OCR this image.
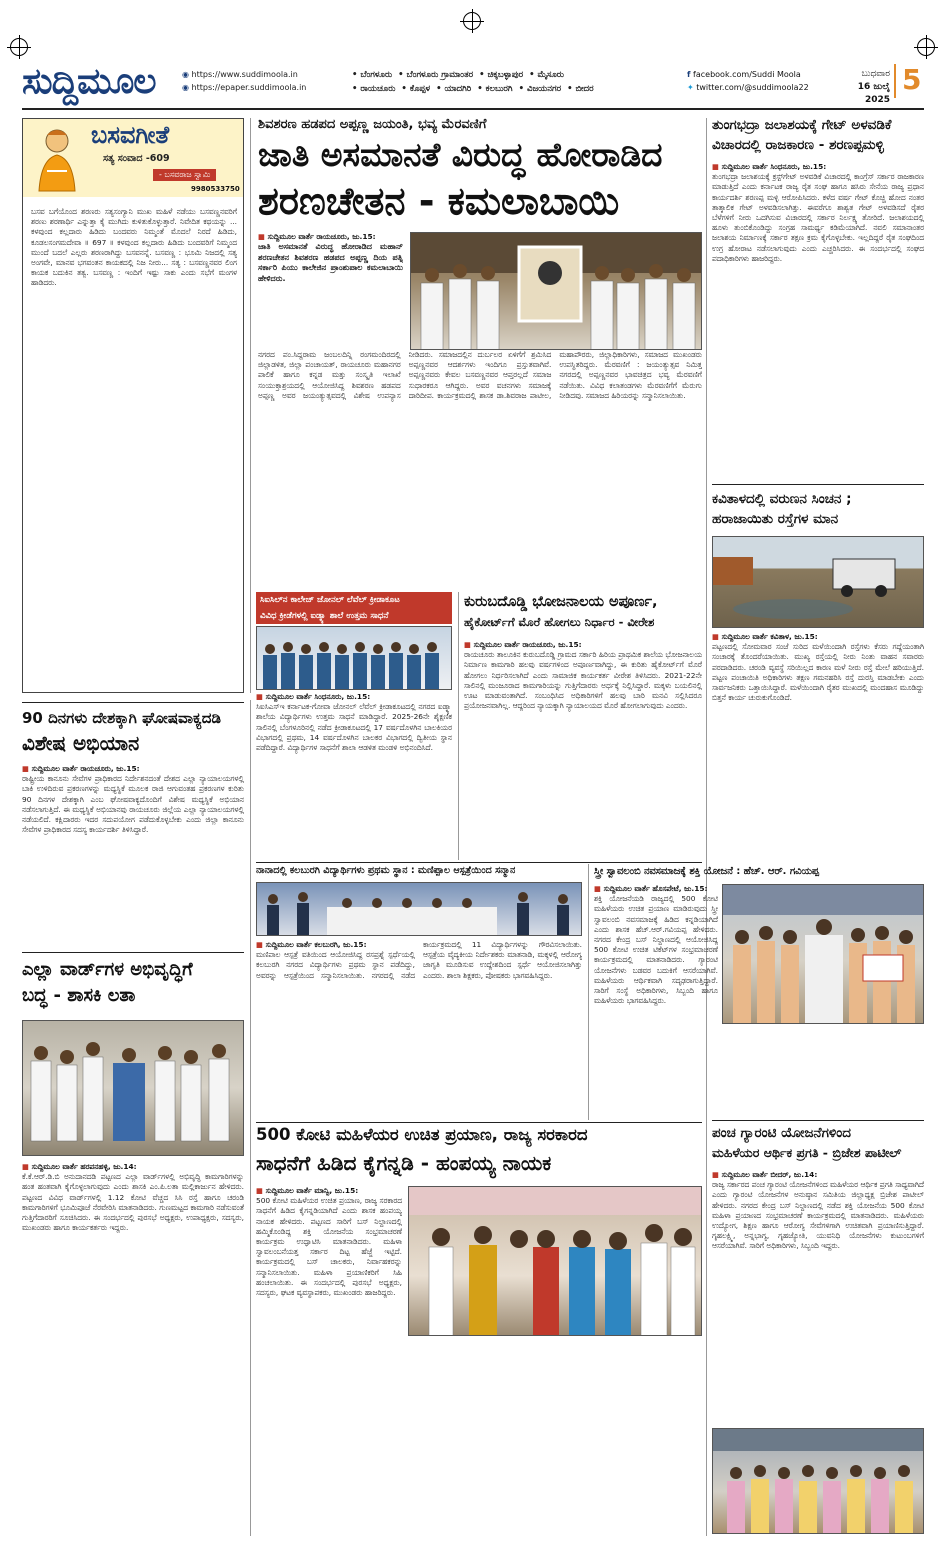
ಸುದ್ದಿಮೂಲ	◉ https://www.suddimoola.in
◉ https://epaper.suddimoola.in
• ಬೆಂಗಳೂರು • ಬೆಂಗಳೂರು ಗ್ರಾಮಾಂತರ • ಚಿಕ್ಕಬಳ್ಳಾಪುರ • ಮೈಸೂರು
• ರಾಯಚೂರು • ಕೊಪ್ಪಳ • ಯಾದಗಿರಿ • ಕಲಬುರಗಿ • ವಿಜಯನಗರ • ಬೀದರ
f facebook.com/Suddi Moola
✦ twitter.com/@suddimoola22
ಬುಧವಾರ
16 ಜುಲೈ 2025
5
ಬಸವಗೀತೆ
ಸತ್ಯ ಸಂವಾದ -609
- ಬಸವರಾಜ ಸ್ವಾಮಿ
9980533750
ಬಸವ ಬಗೆಯೊಂದ ಶರಣರು ಸತ್ಯಸಂಗ್ಯಾನಿ ಮುಖ ಮಹಿಳೆ ನಡೆಯು ಬಸವಣ್ಣನವರಿಗೆ ಶರಣು ಶರಣಾರ್ಥಿ ಎನ್ನುತ್ತಾ ಕೈ ಮುಗಿದು ಕುಳಿತುಕೊಳ್ಳುತ್ತಾರೆ. ನಿವೇದಿತ ಕಥಯನ್ನು ... ಕಳವುಂದ ಕಲ್ಲದಾರು ಹಿಡಿದು ಬಂದವರು ನಿಮ್ಮಂತೆ ಮೊದಲೆ ನಿರದೆ ಹಿಡಿದು, ಕೂಡಲಸಂಗಮದೇವಾ ॥ 697 ॥ ಕಳವುಂದ ಕಲ್ಲದಾರು ಹಿಡಿದು ಬಂದವರಿಗೆ ನಿಮ್ಮಂದ ಮುಂದೆ ಬದಲೆ ಎಲ್ಲರು ಶರಣರಾಗಿದ್ದು ಬಸವನನ್ನೆ. ಬಸವಣ್ಣ : ಭೂಮಿ ನಿಜದಲ್ಲಿ ಸತ್ಯ ಅಂಗವೇ, ಮಾನವ ಭಗವಂತನ ಕಾಯಕದಲ್ಲಿ ನಿಜ ನೀರು... ಸತ್ಯ : ಬಸವಣ್ಣನವರ ಲಿಂಗ ಕಾಯಕ ಬದುಕಿನ ತತ್ವ. ಬಸವಣ್ಣ : ಇಂದಿಗೆ ಇಷ್ಟು ಸಾಕು ಎಂದು ಸಭೆಗೆ ಮಂಗಳ ಹಾಡಿದರು.
ಶಿವಶರಣ ಹಡಪದ ಅಪ್ಪಣ್ಣ ಜಯಂತಿ, ಭವ್ಯ ಮೆರವಣಿಗೆ
ಜಾತಿ ಅಸಮಾನತೆ ವಿರುದ್ಧ ಹೋರಾಡಿದ
ಶರಣಚೇತನ - ಕಮಲಾಬಾಯಿ
■ ಸುದ್ದಿಮೂಲ ವಾರ್ತೆ ರಾಯಚೂರು, ಜು.15:
ಜಾತಿ ಅಸಮಾನತೆ ವಿರುದ್ಧ ಹೋರಾಡಿದ ಮಹಾನ್ ಶರಣಚೇತನ ಶಿವಶರಣ ಹಡಪದ ಅಪ್ಪಣ್ಣ ದಿಯ ಪತ್ನಿ ಸರ್ಕಾರಿ ಪಿಯು ಕಾಲೇಜಿನ ಪ್ರಾಂಶುಪಾಲ ಕಮಲಾಬಾಯಿ ಹೇಳಿದರು.
ನಗರದ ಪಂ.ಸಿದ್ದರಾಮ ಜಂಬಲದಿನ್ನಿ ರಂಗಮಂದಿರದಲ್ಲಿ ಜಿಲ್ಲಾಡಳಿತ, ಜಿಲ್ಲಾ ಪಂಚಾಯತ್, ರಾಯಚೂರು ಮಹಾನಗರ ಪಾಲಿಕೆ ಹಾಗೂ ಕನ್ನಡ ಮತ್ತು ಸಂಸ್ಕೃತಿ ಇಲಾಖೆ ಸಂಯುಕ್ತಾಶ್ರಯದಲ್ಲಿ ಆಯೋಜಿಸಿದ್ದ ಶಿವಶರಣ ಹಡಪದ ಅಪ್ಪಣ್ಣ ಅವರ ಜಯಂತ್ಯುತ್ಸವದಲ್ಲಿ ವಿಶೇಷ ಉಪನ್ಯಾಸ ನೀಡಿದರು. ಸಮಾಜದಲ್ಲಿನ ದುರ್ಬಲರ ಏಳಿಗೆಗೆ ಶ್ರಮಿಸಿದ ಅಪ್ಪಣ್ಣನವರ ಆದರ್ಶಗಳು ಇಂದಿಗೂ ಪ್ರಸ್ತುತವಾಗಿವೆ. ಅಪ್ಪಣ್ಣನವರು ಕೇವಲ ಬಸವಣ್ಣನವರ ಆಪ್ತರಲ್ಲದೆ ಸಮಾಜ ಸುಧಾರಕರೂ ಆಗಿದ್ದರು. ಅವರ ವಚನಗಳು ಸಮಾಜಕ್ಕೆ ದಾರಿದೀಪ. ಕಾರ್ಯಕ್ರಮದಲ್ಲಿ ಶಾಸಕ ಡಾ.ಶಿವರಾಜ ಪಾಟೀಲ, ಮಹಾಪೌರರು, ಜಿಲ್ಲಾಧಿಕಾರಿಗಳು, ಸಮಾಜದ ಮುಖಂಡರು ಉಪಸ್ಥಿತರಿದ್ದರು. ಮೆರವಣಿಗೆ : ಜಯಂತ್ಯುತ್ಸವ ನಿಮಿತ್ತ ನಗರದಲ್ಲಿ ಅಪ್ಪಣ್ಣನವರ ಭಾವಚಿತ್ರದ ಭವ್ಯ ಮೆರವಣಿಗೆ ನಡೆಯಿತು. ವಿವಿಧ ಕಲಾತಂಡಗಳು ಮೆರವಣಿಗೆಗೆ ಮೆರುಗು ನೀಡಿದವು. ಸಮಾಜದ ಹಿರಿಯರನ್ನು ಸನ್ಮಾನಿಸಲಾಯಿತು.
ತುಂಗಭದ್ರಾ ಜಲಾಶಯಕ್ಕೆ ಗೇಟ್ ಅಳವಡಿಕೆ
ವಿಚಾರದಲ್ಲಿ ರಾಜಕಾರಣ - ಶರಣಪ್ಪಮಳ್ಳಿ
■ ಸುದ್ದಿಮೂಲ ವಾರ್ತೆ ಸಿಂಧನೂರು, ಜು.15:
ತುಂಗಭದ್ರಾ ಜಲಾಶಯಕ್ಕೆ ಕ್ರಸ್ಟ್‌ಗೇಟ್ ಅಳವಡಿಕೆ ವಿಚಾರದಲ್ಲಿ ಕಾಂಗ್ರೆಸ್ ಸರ್ಕಾರ ರಾಜಕಾರಣ ಮಾಡುತ್ತಿದೆ ಎಂದು ಕರ್ನಾಟಕ ರಾಜ್ಯ ರೈತ ಸಂಘ ಹಾಗೂ ಹಸಿರು ಸೇನೆಯ ರಾಜ್ಯ ಪ್ರಧಾನ ಕಾರ್ಯದರ್ಶಿ ಶರಣಪ್ಪ ಮಳ್ಳಿ ಆರೋಪಿಸಿದರು. ಕಳೆದ ವರ್ಷ ಗೇಟ್ ಕೊಚ್ಚಿ ಹೋದ ನಂತರ ತಾತ್ಕಾಲಿಕ ಗೇಟ್ ಅಳವಡಿಸಲಾಗಿತ್ತು. ಈವರೆಗೂ ಶಾಶ್ವತ ಗೇಟ್ ಅಳವಡಿಸದೆ ರೈತರ ಬೆಳೆಗಳಿಗೆ ನೀರು ಒದಗಿಸುವ ವಿಚಾರದಲ್ಲಿ ಸರ್ಕಾರ ನಿರ್ಲಕ್ಷ್ಯ ತೋರಿದೆ. ಜಲಾಶಯದಲ್ಲಿ ಹೂಳು ತುಂಬಿಕೊಂಡಿದ್ದು ಸಂಗ್ರಹ ಸಾಮರ್ಥ್ಯ ಕಡಿಮೆಯಾಗಿದೆ. ನವಲಿ ಸಮಾನಾಂತರ ಜಲಾಶಯ ನಿರ್ಮಾಣಕ್ಕೆ ಸರ್ಕಾರ ತಕ್ಷಣ ಕ್ರಮ ಕೈಗೊಳ್ಳಬೇಕು. ಇಲ್ಲದಿದ್ದರೆ ರೈತ ಸಂಘದಿಂದ ಉಗ್ರ ಹೋರಾಟ ನಡೆಸಲಾಗುವುದು ಎಂದು ಎಚ್ಚರಿಸಿದರು. ಈ ಸಂದರ್ಭದಲ್ಲಿ ಸಂಘದ ಪದಾಧಿಕಾರಿಗಳು ಹಾಜರಿದ್ದರು.
ಕವಿತಾಳದಲ್ಲಿ ವರುಣನ ಸಿಂಚನ ;
ಹರಾಜಾಯಿತು ರಸ್ತೆಗಳ ಮಾನ
■ ಸುದ್ದಿಮೂಲ ವಾರ್ತೆ ಕವಿತಾಳ, ಜು.15:
ಪಟ್ಟಣದಲ್ಲಿ ಸೋಮವಾರ ಸಂಜೆ ಸುರಿದ ಮಳೆಯಿಂದಾಗಿ ರಸ್ತೆಗಳು ಕೆಸರು ಗದ್ದೆಯಂತಾಗಿ ಸಂಚಾರಕ್ಕೆ ತೊಂದರೆಯಾಯಿತು. ಮುಖ್ಯ ರಸ್ತೆಯಲ್ಲಿ ನೀರು ನಿಂತು ವಾಹನ ಸವಾರರು ಪರದಾಡಿದರು. ಚರಂಡಿ ವ್ಯವಸ್ಥೆ ಸರಿಯಿಲ್ಲದ ಕಾರಣ ಮಳೆ ನೀರು ರಸ್ತೆ ಮೇಲೆ ಹರಿಯುತ್ತಿದೆ. ಪಟ್ಟಣ ಪಂಚಾಯಿತಿ ಅಧಿಕಾರಿಗಳು ತಕ್ಷಣ ಗಮನಹರಿಸಿ ರಸ್ತೆ ದುರಸ್ತಿ ಮಾಡಬೇಕು ಎಂದು ಸಾರ್ವಜನಿಕರು ಒತ್ತಾಯಿಸಿದ್ದಾರೆ. ಮಳೆಯಿಂದಾಗಿ ರೈತರ ಮುಖದಲ್ಲಿ ಮಂದಹಾಸ ಮೂಡಿದ್ದು ಬಿತ್ತನೆ ಕಾರ್ಯ ಚುರುಕುಗೊಂಡಿದೆ.
90 ದಿನಗಳು ದೇಶಕ್ಕಾಗಿ ಘೋಷವಾಕ್ಯದಡಿ
ವಿಶೇಷ ಅಭಿಯಾನ
■ ಸುದ್ದಿಮೂಲ ವಾರ್ತೆ ರಾಯಚೂರು, ಜು.15:
ರಾಷ್ಟ್ರೀಯ ಕಾನೂನು ಸೇವೆಗಳ ಪ್ರಾಧಿಕಾರದ ನಿರ್ದೇಶನದಂತೆ ದೇಶದ ಎಲ್ಲಾ ನ್ಯಾಯಾಲಯಗಳಲ್ಲಿ ಬಾಕಿ ಉಳಿದಿರುವ ಪ್ರಕರಣಗಳನ್ನು ಮಧ್ಯಸ್ಥಿಕೆ ಮೂಲಕ ರಾಜಿ ಆಗುವಂತಹ ಪ್ರಕರಣಗಳ ಕುರಿತು 90 ದಿನಗಳ ದೇಶಕ್ಕಾಗಿ ಎಂಬ ಘೋಷವಾಕ್ಯದೊಂದಿಗೆ ವಿಶೇಷ ಮಧ್ಯಸ್ಥಿಕೆ ಅಭಿಯಾನ ನಡೆಸಲಾಗುತ್ತಿದೆ. ಈ ಮಧ್ಯಸ್ಥಿಕೆ ಅಭಿಯಾನವು ರಾಯಚೂರು ಜಿಲ್ಲೆಯ ಎಲ್ಲಾ ನ್ಯಾಯಾಲಯಗಳಲ್ಲಿ ನಡೆಯಲಿದೆ. ಕಕ್ಷಿದಾರರು ಇದರ ಸದುಪಯೋಗ ಪಡೆದುಕೊಳ್ಳಬೇಕು ಎಂದು ಜಿಲ್ಲಾ ಕಾನೂನು ಸೇವೆಗಳ ಪ್ರಾಧಿಕಾರದ ಸದಸ್ಯ ಕಾರ್ಯದರ್ಶಿ ತಿಳಿಸಿದ್ದಾರೆ.
ಎಲ್ಲಾ ವಾರ್ಡ್‌ಗಳ ಅಭಿವೃದ್ಧಿಗೆ
ಬದ್ಧ - ಶಾಸಕಿ ಲತಾ
■ ಸುದ್ದಿಮೂಲ ವಾರ್ತೆ ಹರಪನಹಳ್ಳಿ, ಜು.14:
ಕೆ.ಕೆ.ಆರ್.ಡಿ.ಬಿ ಅನುದಾನದಡಿ ಪಟ್ಟಣದ ಎಲ್ಲಾ ವಾರ್ಡ್‌ಗಳಲ್ಲಿ ಅಭಿವೃದ್ಧಿ ಕಾಮಗಾರಿಗಳನ್ನು ಹಂತ ಹಂತವಾಗಿ ಕೈಗೊಳ್ಳಲಾಗುವುದು ಎಂದು ಶಾಸಕಿ ಎಂ.ಪಿ.ಲತಾ ಮಲ್ಲಿಕಾರ್ಜುನ ಹೇಳಿದರು. ಪಟ್ಟಣದ ವಿವಿಧ ವಾರ್ಡ್‌ಗಳಲ್ಲಿ 1.12 ಕೋಟಿ ವೆಚ್ಚದ ಸಿಸಿ ರಸ್ತೆ ಹಾಗೂ ಚರಂಡಿ ಕಾಮಗಾರಿಗಳಿಗೆ ಭೂಮಿಪೂಜೆ ನೆರವೇರಿಸಿ ಮಾತನಾಡಿದರು. ಗುಣಮಟ್ಟದ ಕಾಮಗಾರಿ ನಡೆಸುವಂತೆ ಗುತ್ತಿಗೆದಾರರಿಗೆ ಸೂಚಿಸಿದರು. ಈ ಸಂದರ್ಭದಲ್ಲಿ ಪುರಸಭೆ ಅಧ್ಯಕ್ಷರು, ಉಪಾಧ್ಯಕ್ಷರು, ಸದಸ್ಯರು, ಮುಖಂಡರು ಹಾಗೂ ಕಾರ್ಯಕರ್ತರು ಇದ್ದರು.
ಸಿಐಸಿಲ್‌ನ ಕಾಲೇಜ್ ಜೋನಲ್ ಲೆವೆಲ್ ಕ್ರೀಡಾಕೂಟ
ವಿವಿಧ ಕ್ರೀಡೆಗಳಲ್ಲಿ ಐಡ್ಕ್ಯಾ ಶಾಲೆ ಉತ್ತಮ ಸಾಧನೆ
■ ಸುದ್ದಿಮೂಲ ವಾರ್ತೆ ಸಿಂಧನೂರು, ಜು.15:
ಸಿಐಸಿಎಸ್‌ಇ ಕರ್ನಾಟಕ-ಗೋವಾ ಜೋನಲ್ ಲೆವೆಲ್ ಕ್ರೀಡಾಕೂಟದಲ್ಲಿ ನಗರದ ಐಡ್ಕ್ಯಾ ಶಾಲೆಯ ವಿದ್ಯಾರ್ಥಿಗಳು ಉತ್ತಮ ಸಾಧನೆ ಮಾಡಿದ್ದಾರೆ. 2025-26ನೇ ಶೈಕ್ಷಣಿಕ ಸಾಲಿನಲ್ಲಿ ಬೆಂಗಳೂರಿನಲ್ಲಿ ನಡೆದ ಕ್ರೀಡಾಕೂಟದಲ್ಲಿ 17 ವರ್ಷದೊಳಗಿನ ಬಾಲಕಿಯರ ವಿಭಾಗದಲ್ಲಿ ಪ್ರಥಮ, 14 ವರ್ಷದೊಳಗಿನ ಬಾಲಕರ ವಿಭಾಗದಲ್ಲಿ ದ್ವಿತೀಯ ಸ್ಥಾನ ಪಡೆದಿದ್ದಾರೆ. ವಿದ್ಯಾರ್ಥಿಗಳ ಸಾಧನೆಗೆ ಶಾಲಾ ಆಡಳಿತ ಮಂಡಳಿ ಅಭಿನಂದಿಸಿದೆ.
ಕುರುಬದೊಡ್ಡಿ ಭೋಜನಾಲಯ ಅಪೂರ್ಣ,
ಹೈಕೋರ್ಟ್‌ಗೆ ಮೊರೆ ಹೋಗಲು ನಿರ್ಧಾರ - ವೀರೇಶ
■ ಸುದ್ದಿಮೂಲ ವಾರ್ತೆ ರಾಯಚೂರು, ಜು.15:
ರಾಯಚೂರು ತಾಲೂಕಿನ ಕುರುಬದೊಡ್ಡಿ ಗ್ರಾಮದ ಸರ್ಕಾರಿ ಹಿರಿಯ ಪ್ರಾಥಮಿಕ ಶಾಲೆಯ ಭೋಜನಾಲಯ ನಿರ್ಮಾಣ ಕಾಮಗಾರಿ ಹಲವು ವರ್ಷಗಳಿಂದ ಅಪೂರ್ಣವಾಗಿದ್ದು, ಈ ಕುರಿತು ಹೈಕೋರ್ಟ್‌ಗೆ ಮೊರೆ ಹೋಗಲು ನಿರ್ಧರಿಸಲಾಗಿದೆ ಎಂದು ಸಾಮಾಜಿಕ ಕಾರ್ಯಕರ್ತ ವೀರೇಶ ತಿಳಿಸಿದರು. 2021-22ನೇ ಸಾಲಿನಲ್ಲಿ ಮಂಜೂರಾದ ಕಾಮಗಾರಿಯನ್ನು ಗುತ್ತಿಗೆದಾರರು ಅರ್ಧಕ್ಕೆ ನಿಲ್ಲಿಸಿದ್ದಾರೆ. ಮಕ್ಕಳು ಬಯಲಿನಲ್ಲಿ ಊಟ ಮಾಡುವಂತಾಗಿದೆ. ಸಂಬಂಧಿಸಿದ ಅಧಿಕಾರಿಗಳಿಗೆ ಹಲವು ಬಾರಿ ಮನವಿ ಸಲ್ಲಿಸಿದರೂ ಪ್ರಯೋಜನವಾಗಿಲ್ಲ. ಆದ್ದರಿಂದ ನ್ಯಾಯಕ್ಕಾಗಿ ನ್ಯಾಯಾಲಯದ ಮೊರೆ ಹೋಗಲಾಗುವುದು ಎಂದರು.
ನಾನಾದಲ್ಲಿ ಕಲಬುರಗಿ ವಿದ್ಯಾರ್ಥಿಗಳು ಪ್ರಥಮ ಸ್ಥಾನ : ಮಣಿಪ್ಪಾಲ ಆಸ್ಪತ್ರೆಯಿಂದ ಸನ್ಮಾನ
■ ಸುದ್ದಿಮೂಲ ವಾರ್ತೆ ಕಲಬುರಗಿ, ಜು.15:
ಮಣಿಪಾಲ ಆಸ್ಪತ್ರೆ ವತಿಯಿಂದ ಆಯೋಜಿಸಿದ್ದ ರಸಪ್ರಶ್ನೆ ಸ್ಪರ್ಧೆಯಲ್ಲಿ ಕಲಬುರಗಿ ನಗರದ ವಿದ್ಯಾರ್ಥಿಗಳು ಪ್ರಥಮ ಸ್ಥಾನ ಪಡೆದಿದ್ದು, ಅವರನ್ನು ಆಸ್ಪತ್ರೆಯಿಂದ ಸನ್ಮಾನಿಸಲಾಯಿತು. ನಗರದಲ್ಲಿ ನಡೆದ ಕಾರ್ಯಕ್ರಮದಲ್ಲಿ 11 ವಿದ್ಯಾರ್ಥಿಗಳನ್ನು ಗೌರವಿಸಲಾಯಿತು. ಆಸ್ಪತ್ರೆಯ ವೈದ್ಯಕೀಯ ನಿರ್ದೇಶಕರು ಮಾತನಾಡಿ, ಮಕ್ಕಳಲ್ಲಿ ಆರೋಗ್ಯ ಜಾಗೃತಿ ಮೂಡಿಸುವ ಉದ್ದೇಶದಿಂದ ಸ್ಪರ್ಧೆ ಆಯೋಜಿಸಲಾಗಿತ್ತು ಎಂದರು. ಶಾಲಾ ಶಿಕ್ಷಕರು, ಪೋಷಕರು ಭಾಗವಹಿಸಿದ್ದರು.
ಸ್ತ್ರೀ ಸ್ವಾವಲಂಬಿ ನವಸಮಾಜಕ್ಕೆ ಶಕ್ತಿ ಯೋಜನೆ : ಹೆಚ್. ಆರ್. ಗವಿಯಪ್ಪ
■ ಸುದ್ದಿಮೂಲ ವಾರ್ತೆ ಹೊಸಪೇಟೆ, ಜು.15:
ಶಕ್ತಿ ಯೋಜನೆಯಡಿ ರಾಜ್ಯದಲ್ಲಿ 500 ಕೋಟಿ ಮಹಿಳೆಯರು ಉಚಿತ ಪ್ರಯಾಣ ಮಾಡಿರುವುದು ಸ್ತ್ರೀ ಸ್ವಾವಲಂಬಿ ನವಸಮಾಜಕ್ಕೆ ಹಿಡಿದ ಕನ್ನಡಿಯಾಗಿದೆ ಎಂದು ಶಾಸಕ ಹೆಚ್.ಆರ್.ಗವಿಯಪ್ಪ ಹೇಳಿದರು. ನಗರದ ಕೇಂದ್ರ ಬಸ್ ನಿಲ್ದಾಣದಲ್ಲಿ ಆಯೋಜಿಸಿದ್ದ 500 ಕೋಟಿ ಉಚಿತ ಟಿಕೆಟ್‌ಗಳ ಸಂಭ್ರಮಾಚರಣೆ ಕಾರ್ಯಕ್ರಮದಲ್ಲಿ ಮಾತನಾಡಿದರು. ಗ್ಯಾರಂಟಿ ಯೋಜನೆಗಳು ಬಡವರ ಬದುಕಿಗೆ ಆಸರೆಯಾಗಿವೆ. ಮಹಿಳೆಯರು ಆರ್ಥಿಕವಾಗಿ ಸದೃಢರಾಗುತ್ತಿದ್ದಾರೆ. ಸಾರಿಗೆ ಸಂಸ್ಥೆ ಅಧಿಕಾರಿಗಳು, ಸಿಬ್ಬಂದಿ ಹಾಗೂ ಮಹಿಳೆಯರು ಭಾಗವಹಿಸಿದ್ದರು.
500 ಕೋಟಿ ಮಹಿಳೆಯರ ಉಚಿತ ಪ್ರಯಾಣ, ರಾಜ್ಯ ಸರಕಾರದ
ಸಾಧನೆಗೆ ಹಿಡಿದ ಕೈಗನ್ನಡಿ - ಹಂಪಯ್ಯ ನಾಯಕ
■ ಸುದ್ದಿಮೂಲ ವಾರ್ತೆ ಮಾನ್ವಿ, ಜು.15:
500 ಕೋಟಿ ಮಹಿಳೆಯರ ಉಚಿತ ಪ್ರಯಾಣ, ರಾಜ್ಯ ಸರಕಾರದ ಸಾಧನೆಗೆ ಹಿಡಿದ ಕೈಗನ್ನಡಿಯಾಗಿದೆ ಎಂದು ಶಾಸಕ ಹಂಪಯ್ಯ ನಾಯಕ ಹೇಳಿದರು. ಪಟ್ಟಣದ ಸಾರಿಗೆ ಬಸ್ ನಿಲ್ದಾಣದಲ್ಲಿ ಹಮ್ಮಿಕೊಂಡಿದ್ದ ಶಕ್ತಿ ಯೋಜನೆಯ ಸಂಭ್ರಮಾಚರಣೆ ಕಾರ್ಯಕ್ರಮ ಉದ್ಘಾಟಿಸಿ ಮಾತನಾಡಿದರು. ಮಹಿಳಾ ಸ್ವಾವಲಂಬನೆಯತ್ತ ಸರ್ಕಾರ ದಿಟ್ಟ ಹೆಜ್ಜೆ ಇಟ್ಟಿದೆ. ಕಾರ್ಯಕ್ರಮದಲ್ಲಿ ಬಸ್ ಚಾಲಕರು, ನಿರ್ವಾಹಕರನ್ನು ಸನ್ಮಾನಿಸಲಾಯಿತು. ಮಹಿಳಾ ಪ್ರಯಾಣಿಕರಿಗೆ ಸಿಹಿ ಹಂಚಲಾಯಿತು. ಈ ಸಂದರ್ಭದಲ್ಲಿ ಪುರಸಭೆ ಅಧ್ಯಕ್ಷರು, ಸದಸ್ಯರು, ಘಟಕ ವ್ಯವಸ್ಥಾಪಕರು, ಮುಖಂಡರು ಹಾಜರಿದ್ದರು.
ಪಂಚ ಗ್ಯಾರಂಟಿ ಯೋಜನೆಗಳಿಂದ
ಮಹಿಳೆಯರ ಆರ್ಥಿಕ ಪ್ರಗತಿ - ಬ್ರಿಜೇಶ ಪಾಟೀಲ್
■ ಸುದ್ದಿಮೂಲ ವಾರ್ತೆ ಬೀದರ್, ಜು.14:
ರಾಜ್ಯ ಸರ್ಕಾರದ ಪಂಚ ಗ್ಯಾರಂಟಿ ಯೋಜನೆಗಳಿಂದ ಮಹಿಳೆಯರ ಆರ್ಥಿಕ ಪ್ರಗತಿ ಸಾಧ್ಯವಾಗಿದೆ ಎಂದು ಗ್ಯಾರಂಟಿ ಯೋಜನೆಗಳ ಅನುಷ್ಠಾನ ಸಮಿತಿಯ ಜಿಲ್ಲಾಧ್ಯಕ್ಷ ಬ್ರಿಜೇಶ ಪಾಟೀಲ್ ಹೇಳಿದರು. ನಗರದ ಕೇಂದ್ರ ಬಸ್ ನಿಲ್ದಾಣದಲ್ಲಿ ನಡೆದ ಶಕ್ತಿ ಯೋಜನೆಯ 500 ಕೋಟಿ ಮಹಿಳಾ ಪ್ರಯಾಣದ ಸಂಭ್ರಮಾಚರಣೆ ಕಾರ್ಯಕ್ರಮದಲ್ಲಿ ಮಾತನಾಡಿದರು. ಮಹಿಳೆಯರು ಉದ್ಯೋಗ, ಶಿಕ್ಷಣ ಹಾಗೂ ಆರೋಗ್ಯ ಸೇವೆಗಳಿಗಾಗಿ ಉಚಿತವಾಗಿ ಪ್ರಯಾಣಿಸುತ್ತಿದ್ದಾರೆ. ಗೃಹಲಕ್ಷ್ಮಿ, ಅನ್ನಭಾಗ್ಯ, ಗೃಹಜ್ಯೋತಿ, ಯುವನಿಧಿ ಯೋಜನೆಗಳು ಕುಟುಂಬಗಳಿಗೆ ಆಸರೆಯಾಗಿವೆ. ಸಾರಿಗೆ ಅಧಿಕಾರಿಗಳು, ಸಿಬ್ಬಂದಿ ಇದ್ದರು.
